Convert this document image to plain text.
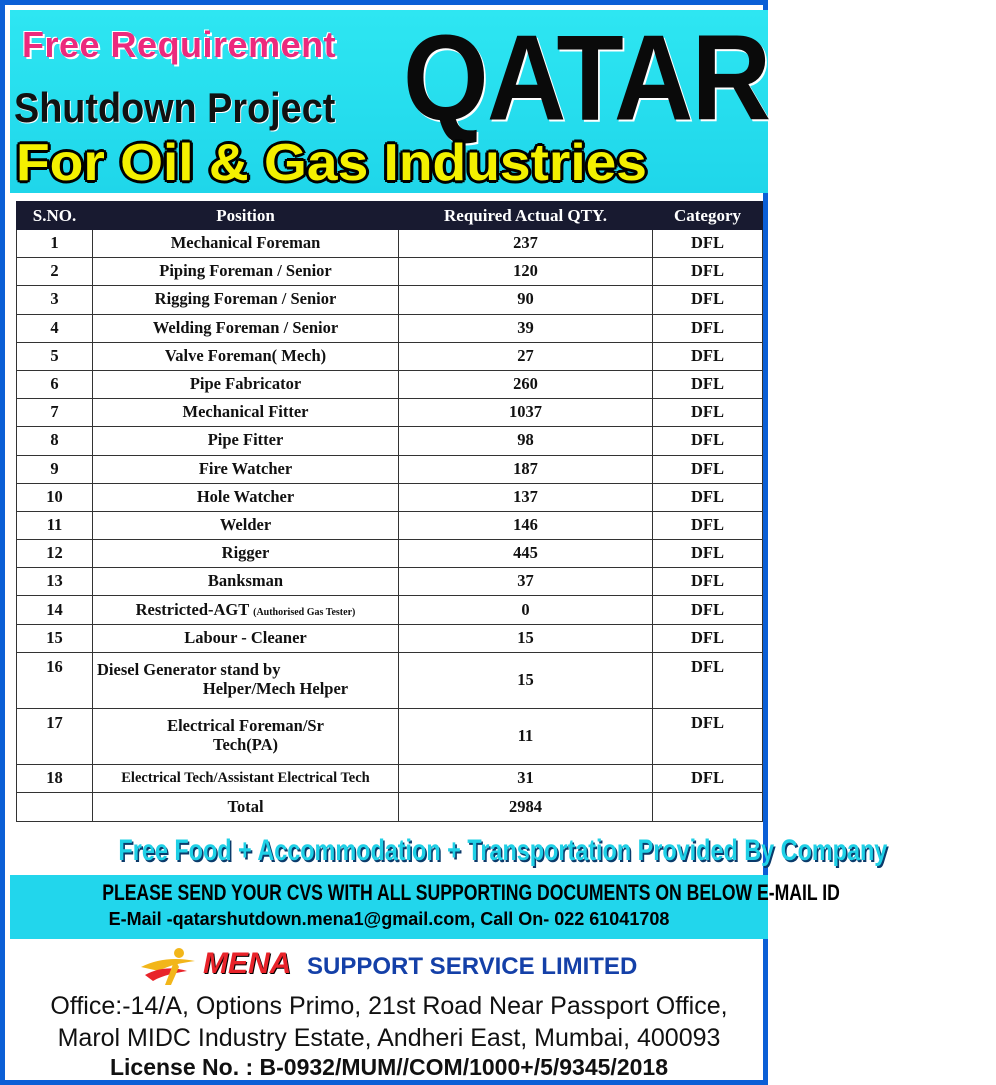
Free Requirement
Shutdown Project QATAR
For Oil & Gas Industries
S.NO.	Position	Required Actual QTY.	Category
1	Mechanical Foreman	237	DFL
2	Piping Foreman / Senior	120	DFL
3	Rigging Foreman / Senior	90	DFL
4	Welding Foreman / Senior	39	DFL
5	Valve Foreman( Mech)	27	DFL
6	Pipe Fabricator	260	DFL
7	Mechanical Fitter	1037	DFL
8	Pipe Fitter	98	DFL
9	Fire Watcher	187	DFL
10	Hole Watcher	137	DFL
11	Welder	146	DFL
12	Rigger	445	DFL
13	Banksman	37	DFL
14	Restricted-AGT (Authorised Gas Tester)	0	DFL
15	Labour - Cleaner	15	DFL
16	Diesel Generator stand by
Helper/Mech Helper	15	DFL
17	Electrical Foreman/Sr
Tech(PA)	11	DFL
18	Electrical Tech/Assistant Electrical Tech	31	DFL
	Total	2984	
Free Food + Accommodation + Transportation Provided By Company
PLEASE SEND YOUR CVS WITH ALL SUPPORTING DOCUMENTS ON BELOW E-MAIL ID
E-Mail -qatarshutdown.mena1@gmail.com, Call On- 022 61041708
MENA SUPPORT SERVICE LIMITED
Office:-14/A, Options Primo, 21st Road Near Passport Office,
Marol MIDC Industry Estate, Andheri East, Mumbai, 400093
License No. : B-0932/MUM//COM/1000+/5/9345/2018
